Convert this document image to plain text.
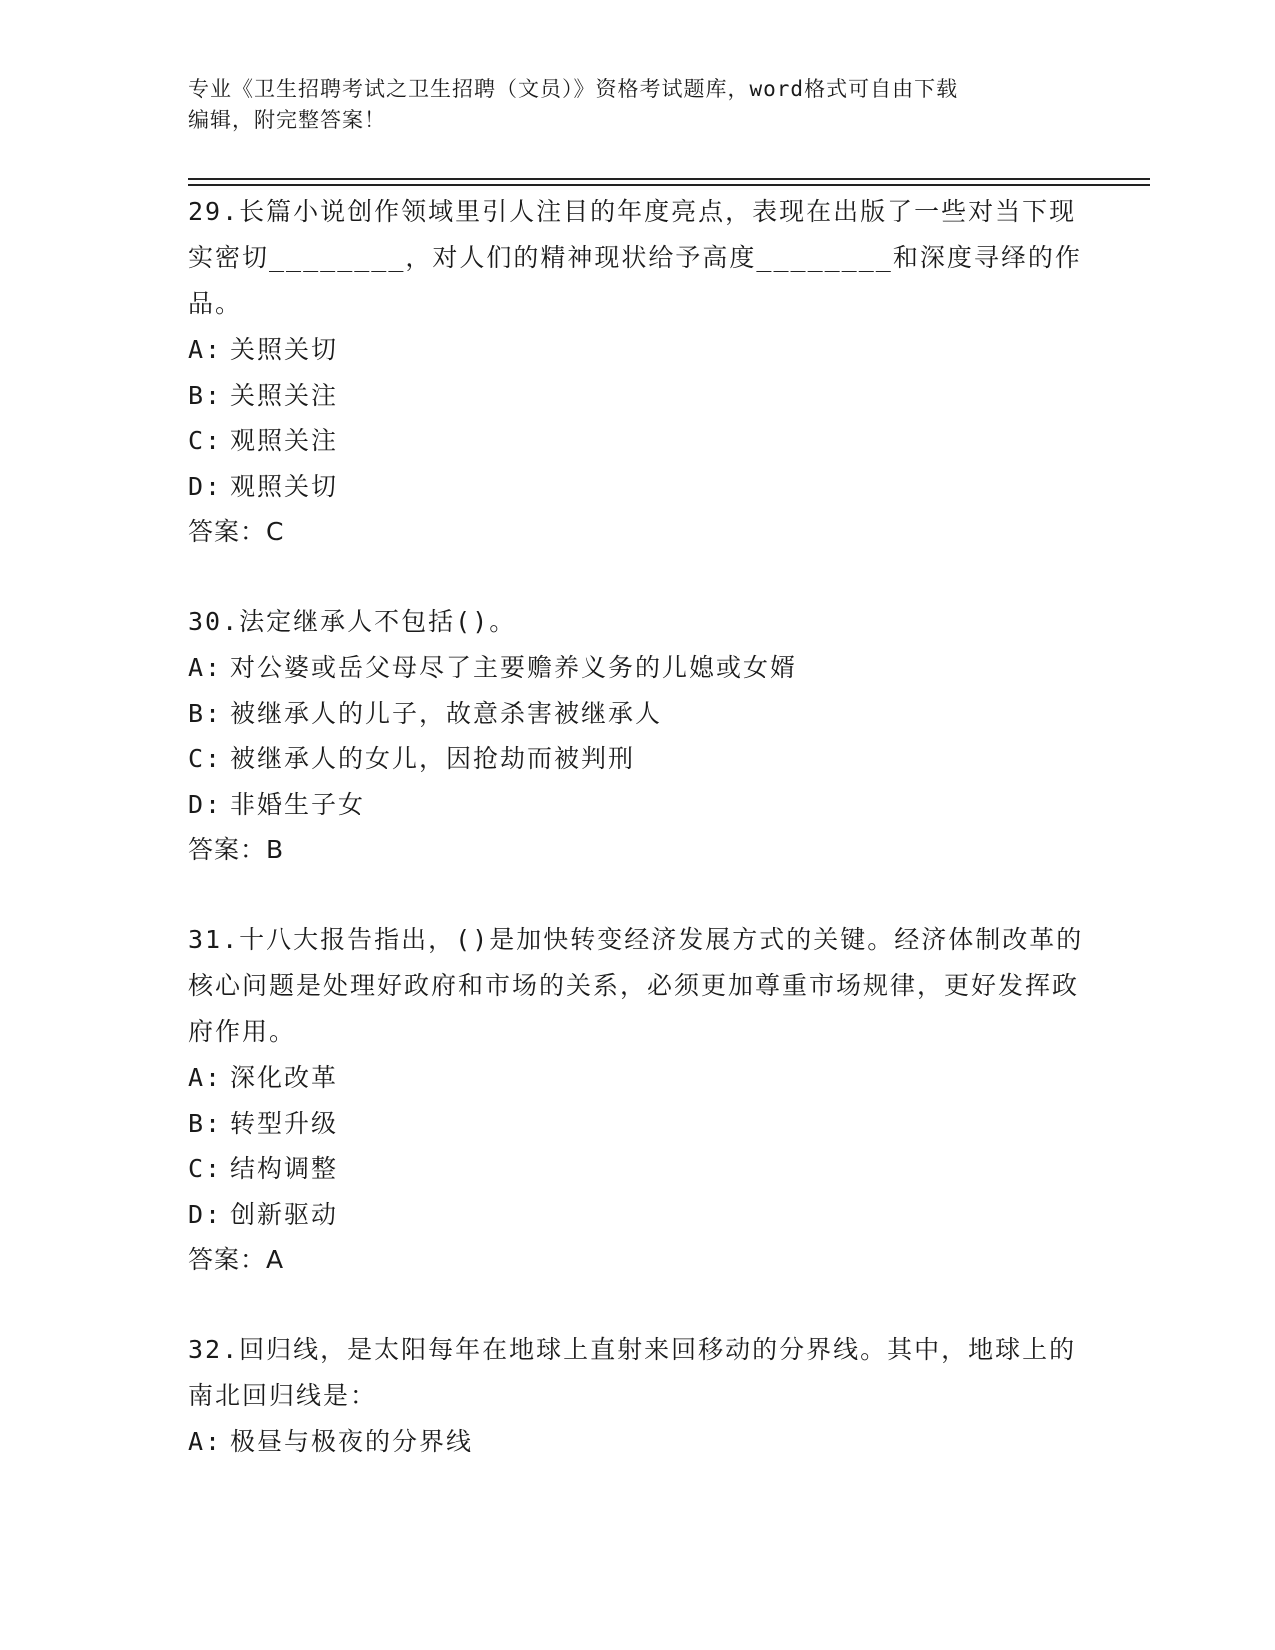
专业《卫生招聘考试之卫生招聘（文员）》资格考试题库，word格式可自由下载
编辑，附完整答案！

29.长篇小说创作领域里引人注目的年度亮点，表现在出版了一些对当下现实密切________，对人们的精神现状给予高度________和深度寻绎的作品。

A: 关照关切

B: 关照关注

C: 观照关注

D: 观照关切

答案：C

30.法定继承人不包括()。

A: 对公婆或岳父母尽了主要赡养义务的儿媳或女婿

B: 被继承人的儿子，故意杀害被继承人

C: 被继承人的女儿，因抢劫而被判刑

D: 非婚生子女

答案：B

31.十八大报告指出，()是加快转变经济发展方式的关键。经济体制改革的核心问题是处理好政府和市场的关系，必须更加尊重市场规律，更好发挥政府作用。

A: 深化改革

B: 转型升级

C: 结构调整

D: 创新驱动

答案：A

32.回归线，是太阳每年在地球上直射来回移动的分界线。其中，地球上的南北回归线是：

A: 极昼与极夜的分界线
